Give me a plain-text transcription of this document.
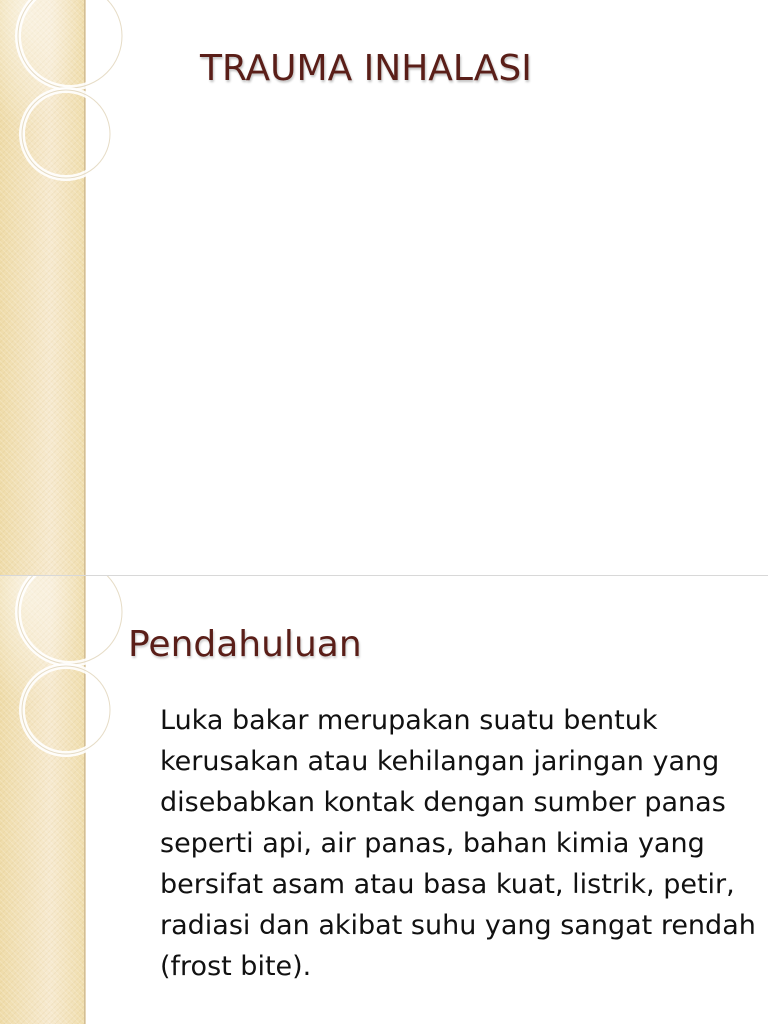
TRAUMA INHALASI
Pendahuluan
Luka bakar merupakan suatu bentuk
kerusakan atau kehilangan jaringan yang
disebabkan kontak dengan sumber panas
seperti api, air panas, bahan kimia yang
bersifat asam atau basa kuat, listrik, petir,
radiasi dan akibat suhu yang sangat rendah
(frost bite).
